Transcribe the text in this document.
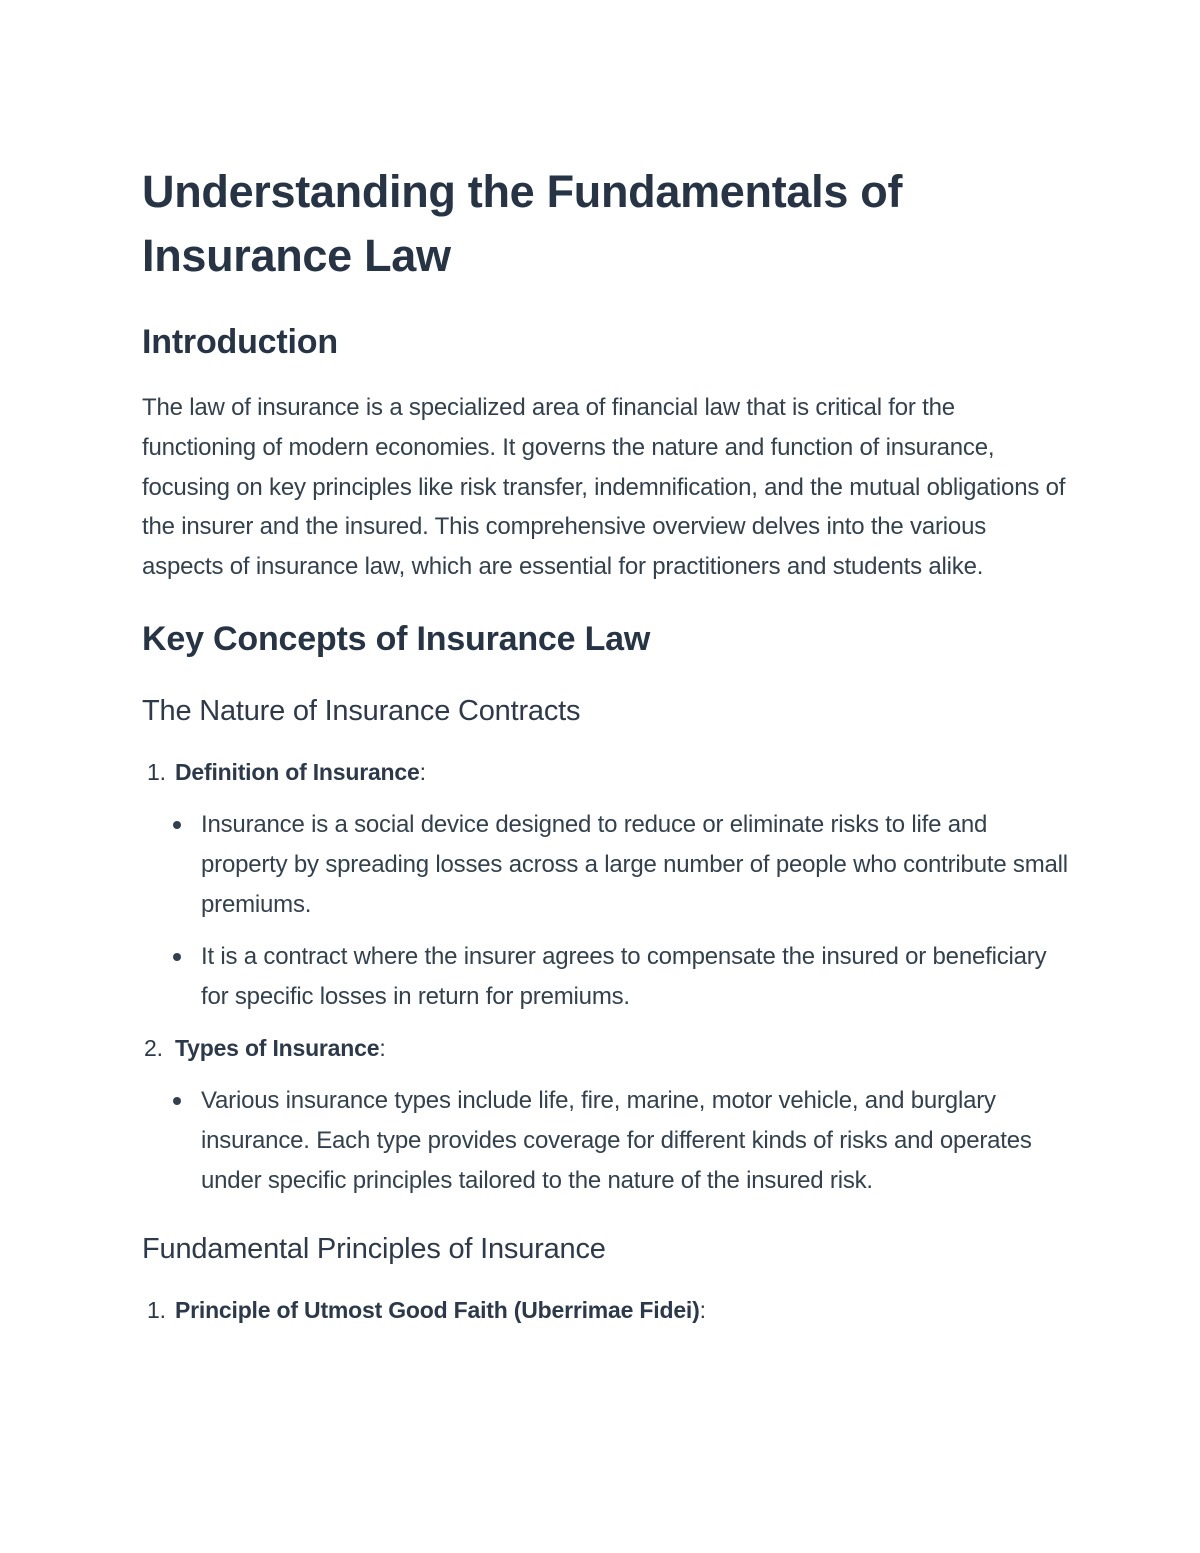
Understanding the Fundamentals of Insurance Law
Introduction

The law of insurance is a specialized area of financial law that is critical for the functioning of modern economies. It governs the nature and function of insurance, focusing on key principles like risk transfer, indemnification, and the mutual obligations of the insurer and the insured. This comprehensive overview delves into the various aspects of insurance law, which are essential for practitioners and students alike.

Key Concepts of Insurance Law
The Nature of Insurance Contracts
1. Definition of Insurance:
Insurance is a social device designed to reduce or eliminate risks to life and property by spreading losses across a large number of people who contribute small premiums.
It is a contract where the insurer agrees to compensate the insured or beneficiary for specific losses in return for premiums.
2. Types of Insurance:
Various insurance types include life, fire, marine, motor vehicle, and burglary insurance. Each type provides coverage for different kinds of risks and operates under specific principles tailored to the nature of the insured risk.
Fundamental Principles of Insurance
1. Principle of Utmost Good Faith (Uberrimae Fidei):
